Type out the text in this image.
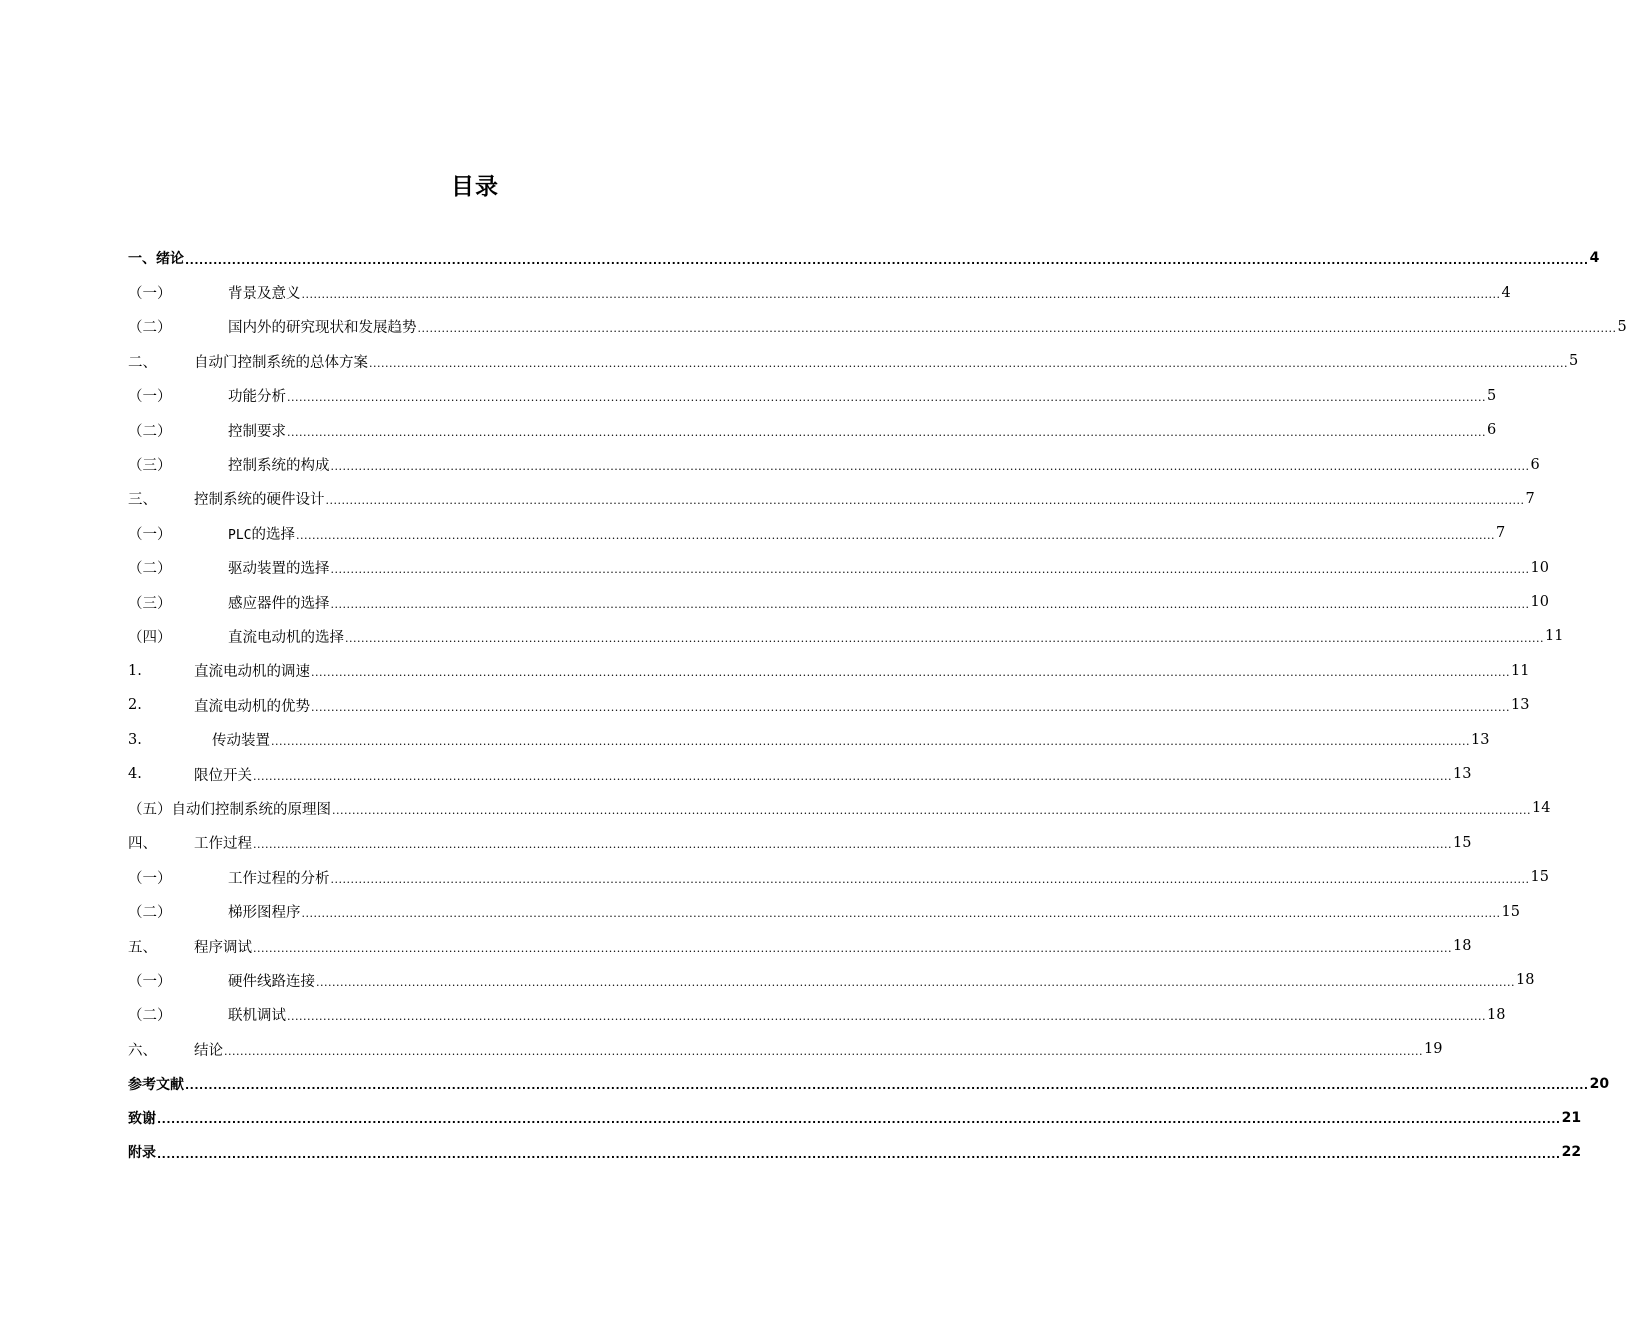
目录
一、绪论 ............................................................................................................................................................................................................................................................................................................ 4
（一）	背景及意义 ............................................................................................................................................................................................................................................................................................................ 4
（二）	国内外的研究现状和发展趋势 ............................................................................................................................................................................................................................................................................................................ 5
二、	自动门控制系统的总体方案 ............................................................................................................................................................................................................................................................................................................ 5
（一）	功能分析 ............................................................................................................................................................................................................................................................................................................ 5
（二）	控制要求 ............................................................................................................................................................................................................................................................................................................ 6
（三）	控制系统的构成 ............................................................................................................................................................................................................................................................................................................ 6
三、	控制系统的硬件设计 ............................................................................................................................................................................................................................................................................................................ 7
（一）	PLC的选择 ............................................................................................................................................................................................................................................................................................................ 7
（二）	驱动装置的选择 ............................................................................................................................................................................................................................................................................................................ 10
（三）	感应器件的选择 ............................................................................................................................................................................................................................................................................................................ 10
（四）	直流电动机的选择 ............................................................................................................................................................................................................................................................................................................ 11
1.	直流电动机的调速 ............................................................................................................................................................................................................................................................................................................ 11
2.	直流电动机的优势 ............................................................................................................................................................................................................................................................................................................ 13
3.	传动装置 ............................................................................................................................................................................................................................................................................................................ 13
4.	限位开关 ............................................................................................................................................................................................................................................................................................................ 13
（五）自动们控制系统的原理图 ............................................................................................................................................................................................................................................................................................................ 14
四、	工作过程 ............................................................................................................................................................................................................................................................................................................ 15
（一）	工作过程的分析 ............................................................................................................................................................................................................................................................................................................ 15
（二）	梯形图程序 ............................................................................................................................................................................................................................................................................................................ 15
五、	程序调试 ............................................................................................................................................................................................................................................................................................................ 18
（一）	硬件线路连接 ............................................................................................................................................................................................................................................................................................................ 18
（二）	联机调试 ............................................................................................................................................................................................................................................................................................................ 18
六、	结论 ............................................................................................................................................................................................................................................................................................................ 19
参考文献 ............................................................................................................................................................................................................................................................................................................ 20
致谢 ............................................................................................................................................................................................................................................................................................................ 21
附录 ............................................................................................................................................................................................................................................................................................................ 22
